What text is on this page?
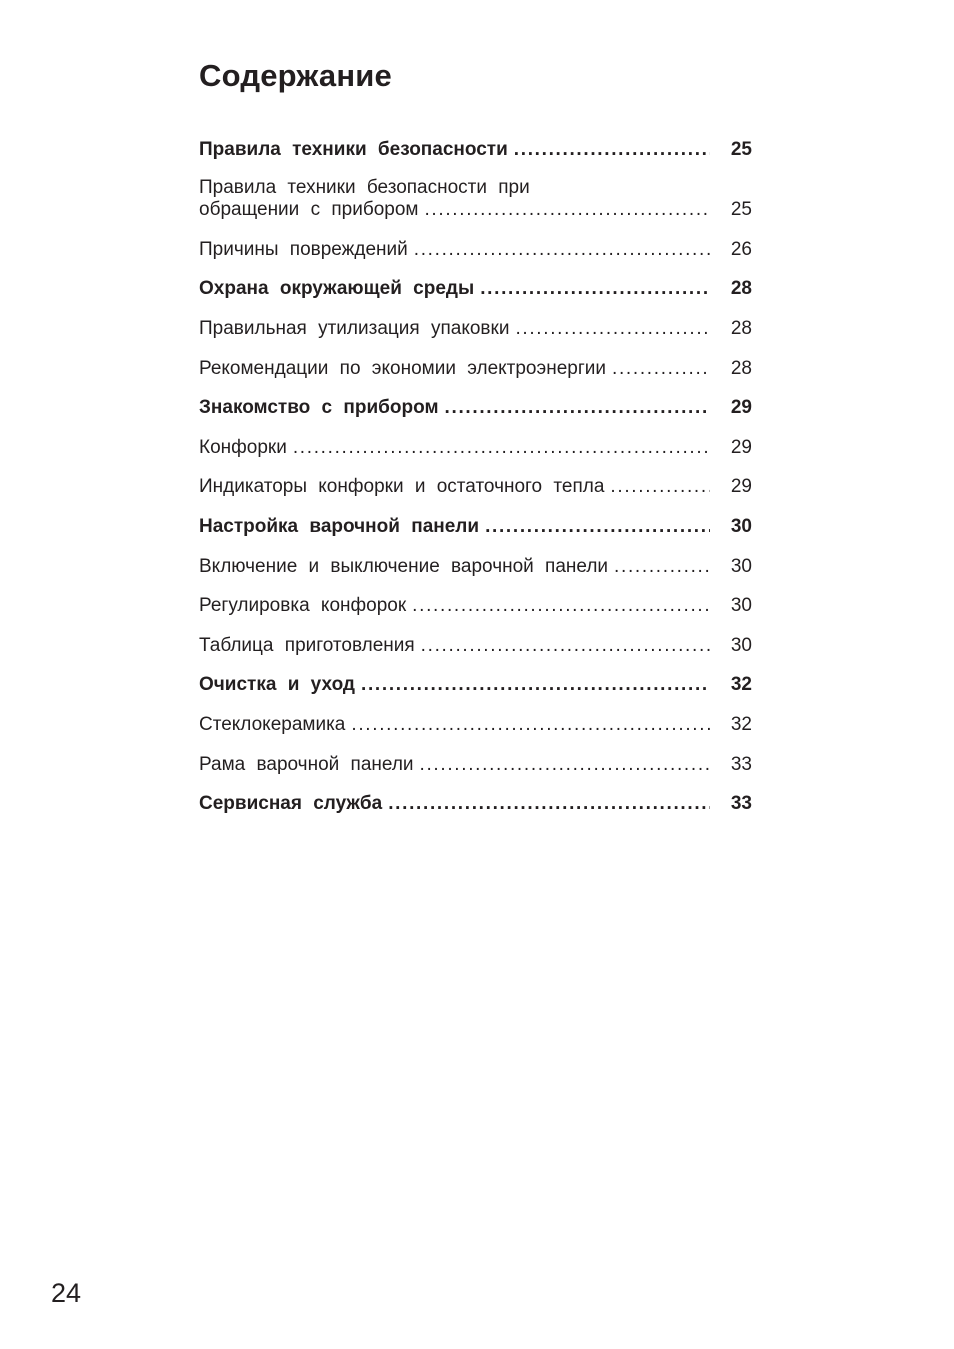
Содержание
Правила техники безопасности . . .	25
Правила техники безопасности при
обращении с прибором . . .	25
Причины повреждений . . .	26
Охрана окружающей среды . . .	28
Правильная утилизация упаковки . . .	28
Рекомендации по экономии электроэнергии . . .	28
Знакомство с прибором . . .	29
Конфорки . . .	29
Индикаторы конфорки и остаточного тепла . . .	29
Настройка варочной панели . . .	30
Включение и выключение варочной панели . . .	30
Регулировка конфорок . . .	30
Таблица приготовления . . .	30
Очистка и уход . . .	32
Стеклокерамика . . .	32
Рама варочной панели . . .	33
Сервисная служба . . .	33
24
